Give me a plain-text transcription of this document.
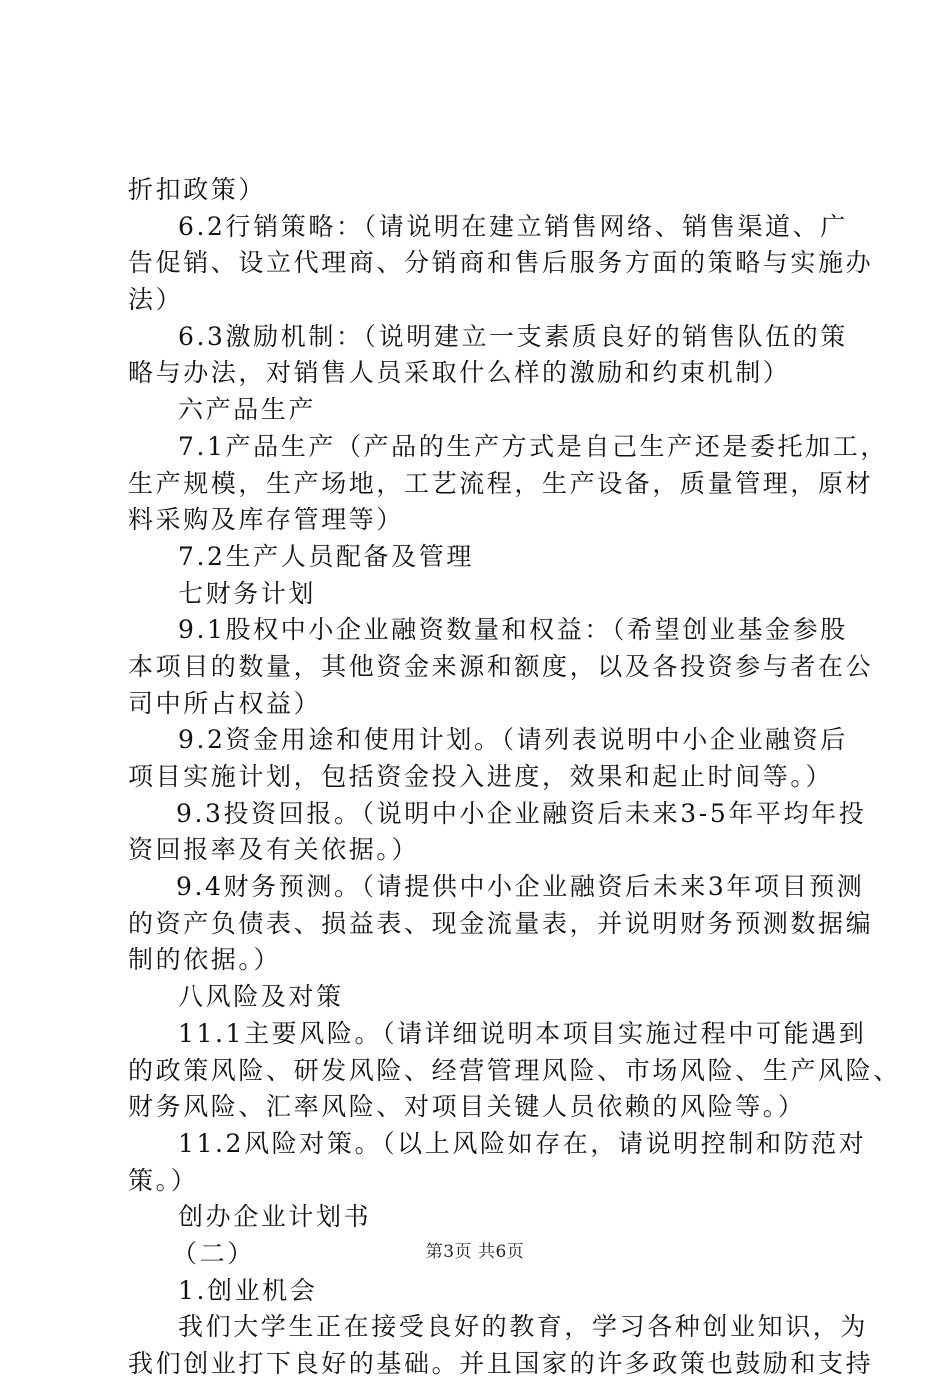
折扣政策）
6.2行销策略：（请说明在建立销售网络、销售渠道、广
告促销、设立代理商、分销商和售后服务方面的策略与实施办
法）
6.3激励机制：（说明建立一支素质良好的销售队伍的策
略与办法，对销售人员采取什么样的激励和约束机制）
六产品生产
7.1产品生产（产品的生产方式是自己生产还是委托加工，
生产规模，生产场地，工艺流程，生产设备，质量管理，原材
料采购及库存管理等）
7.2生产人员配备及管理
七财务计划
9.1股权中小企业融资数量和权益：（希望创业基金参股
本项目的数量，其他资金来源和额度，以及各投资参与者在公
司中所占权益）
9.2资金用途和使用计划。（请列表说明中小企业融资后
项目实施计划，包括资金投入进度，效果和起止时间等。）
9.3投资回报。（说明中小企业融资后未来3-5年平均年投
资回报率及有关依据。）
9.4财务预测。（请提供中小企业融资后未来3年项目预测
的资产负债表、损益表、现金流量表，并说明财务预测数据编
制的依据。）
八风险及对策
11.1主要风险。（请详细说明本项目实施过程中可能遇到
的政策风险、研发风险、经营管理风险、市场风险、生产风险、
财务风险、汇率风险、对项目关键人员依赖的风险等。）
11.2风险对策。（以上风险如存在，请说明控制和防范对
策。）
创办企业计划书
（二）
1.创业机会
我们大学生正在接受良好的教育，学习各种创业知识，为
我们创业打下良好的基础。并且国家的许多政策也鼓励和支持
第3页 共6页
